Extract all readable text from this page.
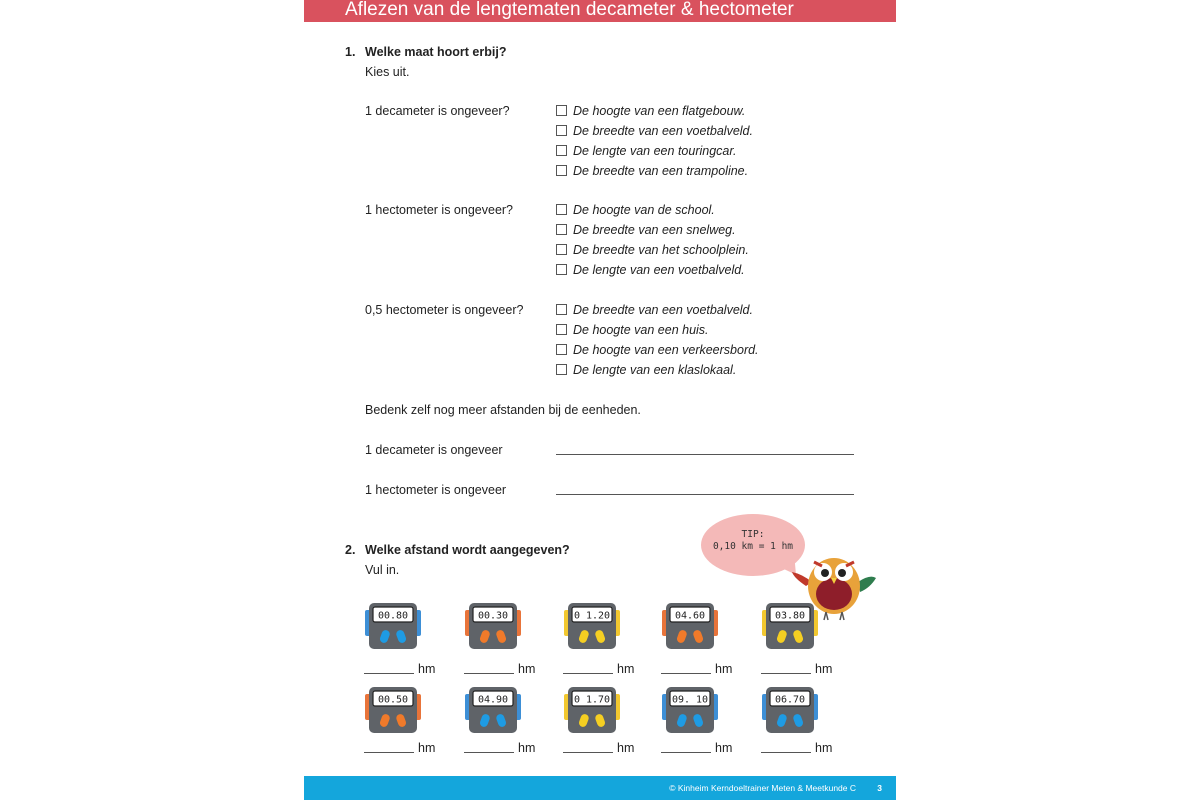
Aflezen van de lengtematen decameter & hectometer
1. Welke maat hoort erbij?
Kies uit.
1 decameter is ongeveer?	De hoogte van een flatgebouw.
De breedte van een voetbalveld.
De lengte van een touringcar.
De breedte van een trampoline.
1 hectometer is ongeveer?	De hoogte van de school.
De breedte van een snelweg.
De breedte van het schoolplein.
De lengte van een voetbalveld.
0,5 hectometer is ongeveer?	De breedte van een voetbalveld.
De hoogte van een huis.
De hoogte van een verkeersbord.
De lengte van een klaslokaal.
Bedenk zelf nog meer afstanden bij de eenheden.
1 decameter is ongeveer
1 hectometer is ongeveer
2. Welke afstand wordt aangegeven?
Vul in.
TIP:
0,10 km = 1 hm
00.80
hm
00.30
hm
0 1.20
hm
04.60
hm
03.80
hm
00.50
hm
04.90
hm
0 1.70
hm
09. 10
hm
06.70
hm
© Kinheim Kerndoeltrainer Meten & Meetkunde C	3
